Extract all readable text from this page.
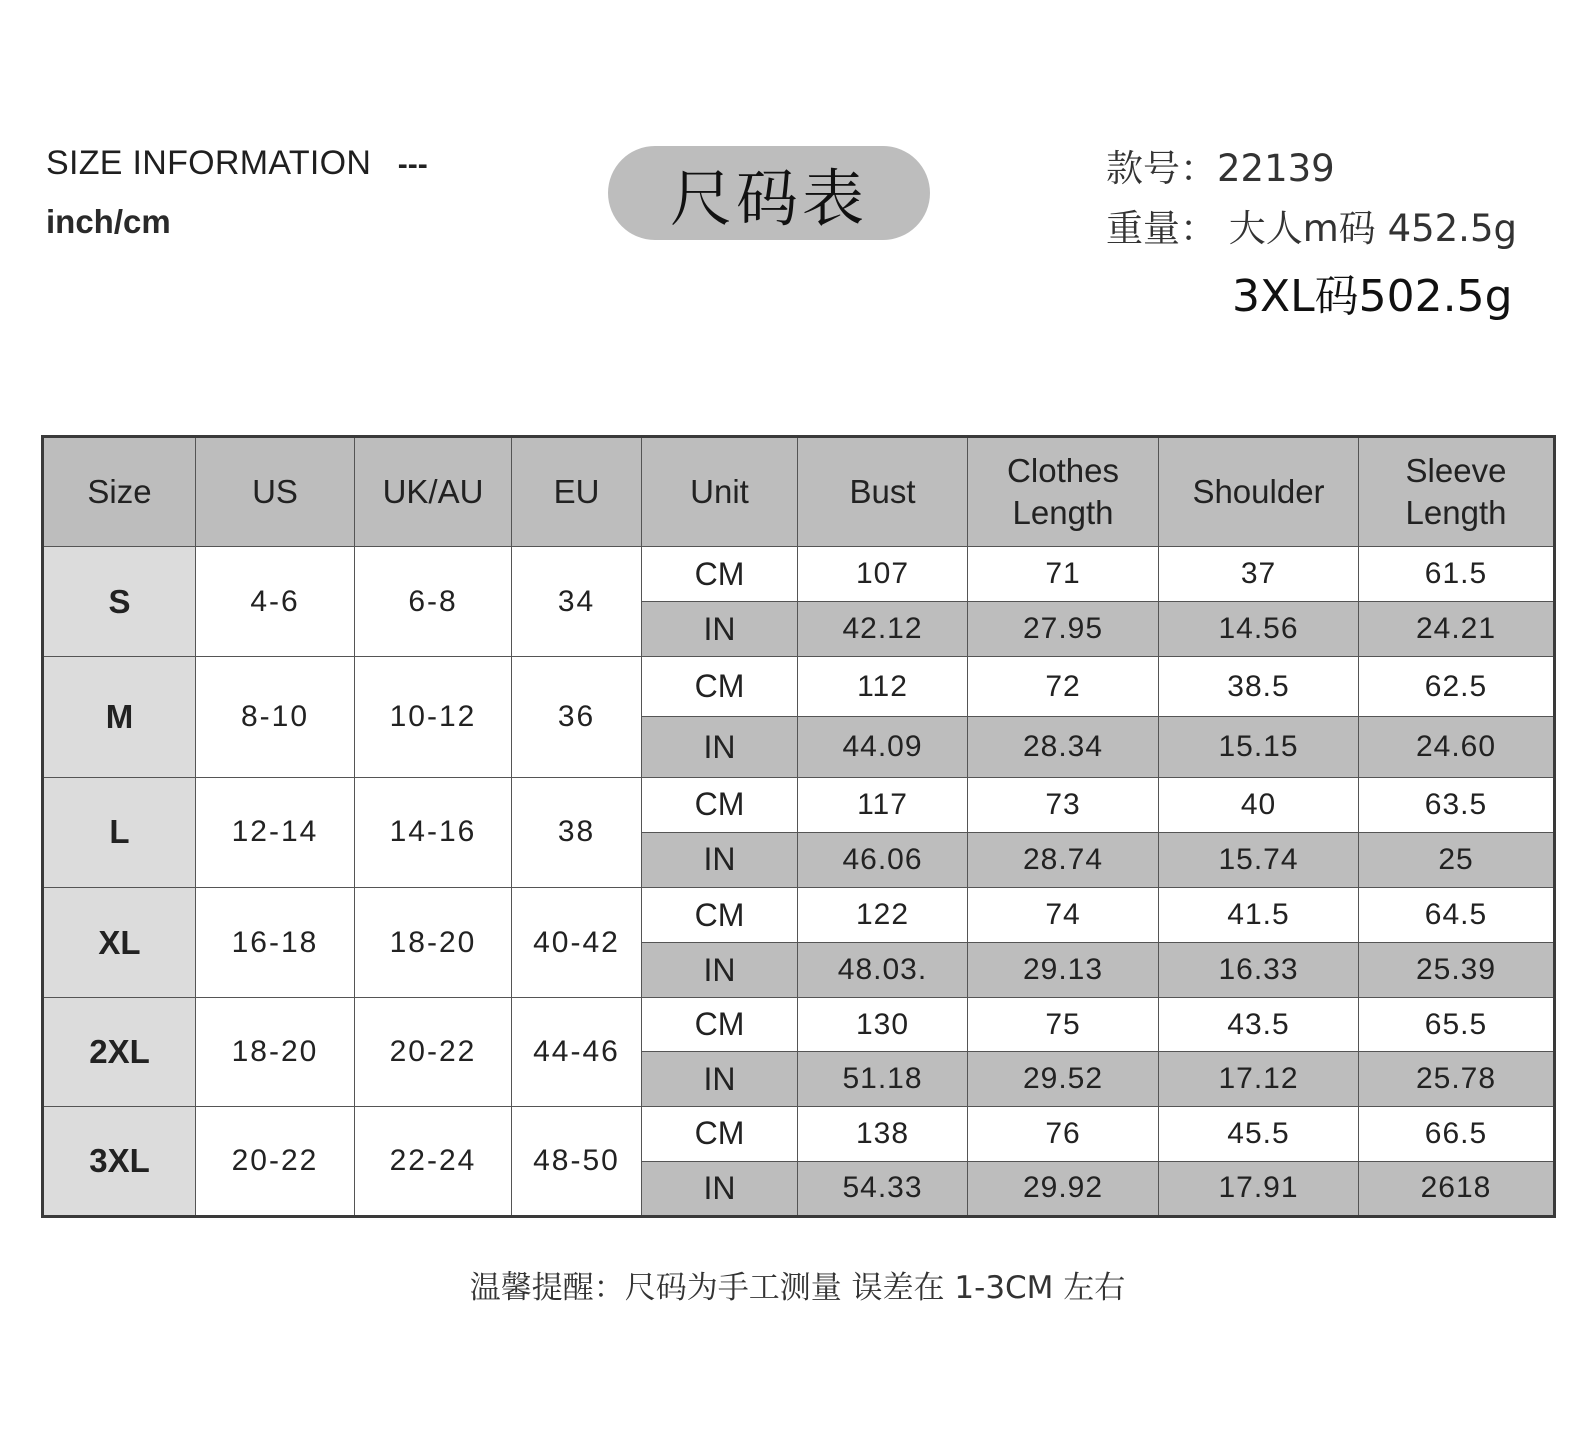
SIZE INFORMATION ---
inch/cm	尺码表	款号：22139
重量： 大人m码 452.5g
3XL码502.5g
Size	US	UK/AU	EU	Unit	Bust	Clothes Length	Shoulder	Sleeve Length
S	4-6	6-8	34	CM	107	71	37	61.5
				IN	42.12	27.95	14.56	24.21
M	8-10	10-12	36	CM	112	72	38.5	62.5
				IN	44.09	28.34	15.15	24.60
L	12-14	14-16	38	CM	117	73	40	63.5
				IN	46.06	28.74	15.74	25
XL	16-18	18-20	40-42	CM	122	74	41.5	64.5
				IN	48.03.	29.13	16.33	25.39
2XL	18-20	20-22	44-46	CM	130	75	43.5	65.5
				IN	51.18	29.52	17.12	25.78
3XL	20-22	22-24	48-50	CM	138	76	45.5	66.5
				IN	54.33	29.92	17.91	2618
温馨提醒：尺码为手工测量 误差在 1-3CM 左右
